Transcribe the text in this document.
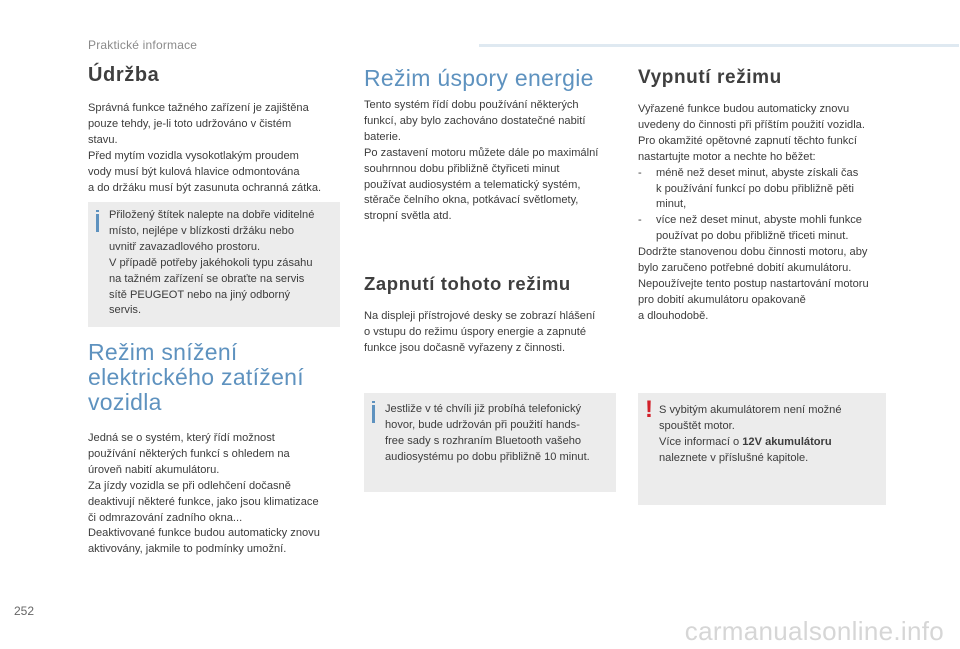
Praktické informace
Údržba

Správná funkce tažného zařízení je zajištěna
pouze tehdy, je-li toto udržováno v čistém
stavu.
Před mytím vozidla vysokotlakým proudem
vody musí být kulová hlavice odmontována
a do držáku musí být zasunuta ochranná zátka.

Přiložený štítek nalepte na dobře viditelné
místo, nejlépe v blízkosti držáku nebo
uvnitř zavazadlového prostoru.
V případě potřeby jakéhokoli typu zásahu
na tažném zařízení se obraťte na servis
sítě PEUGEOT nebo na jiný odborný
servis.

Režim snížení
elektrického zatížení
vozidla

Jedná se o systém, který řídí možnost
používání některých funkcí s ohledem na
úroveň nabití akumulátoru.
Za jízdy vozidla se při odlehčení dočasně
deaktivují některé funkce, jako jsou klimatizace
či odmrazování zadního okna...
Deaktivované funkce budou automaticky znovu
aktivovány, jakmile to podmínky umožní.

Režim úspory energie

Tento systém řídí dobu používání některých
funkcí, aby bylo zachováno dostatečné nabití
baterie.
Po zastavení motoru můžete dále po maximální
souhrnnou dobu přibližně čtyřiceti minut
používat audiosystém a telematický systém,
stěrače čelního okna, potkávací světlomety,
stropní světla atd.

Zapnutí tohoto režimu

Na displeji přístrojové desky se zobrazí hlášení
o vstupu do režimu úspory energie a zapnuté
funkce jsou dočasně vyřazeny z činnosti.

Jestliže v té chvíli již probíhá telefonický
hovor, bude udržován při použití hands-
free sady s rozhraním Bluetooth vašeho
audiosystému po dobu přibližně 10 minut.

Vypnutí režimu

Vyřazené funkce budou automaticky znovu
uvedeny do činnosti při příštím použití vozidla.
Pro okamžité opětovné zapnutí těchto funkcí
nastartujte motor a nechte ho běžet:

- méně než deset minut, abyste získali čas
k používání funkcí po dobu přibližně pěti
minut,
- více než deset minut, abyste mohli funkce
používat po dobu přibližně třiceti minut.

Dodržte stanovenou dobu činnosti motoru, aby
bylo zaručeno potřebné dobití akumulátoru.
Nepoužívejte tento postup nastartování motoru
pro dobití akumulátoru opakovaně
a dlouhodobě.

! S vybitým akumulátorem není možné
spouštět motor.
Více informací o 12V akumulátoru
naleznete v příslušné kapitole.

252
carmanualsonline.info
